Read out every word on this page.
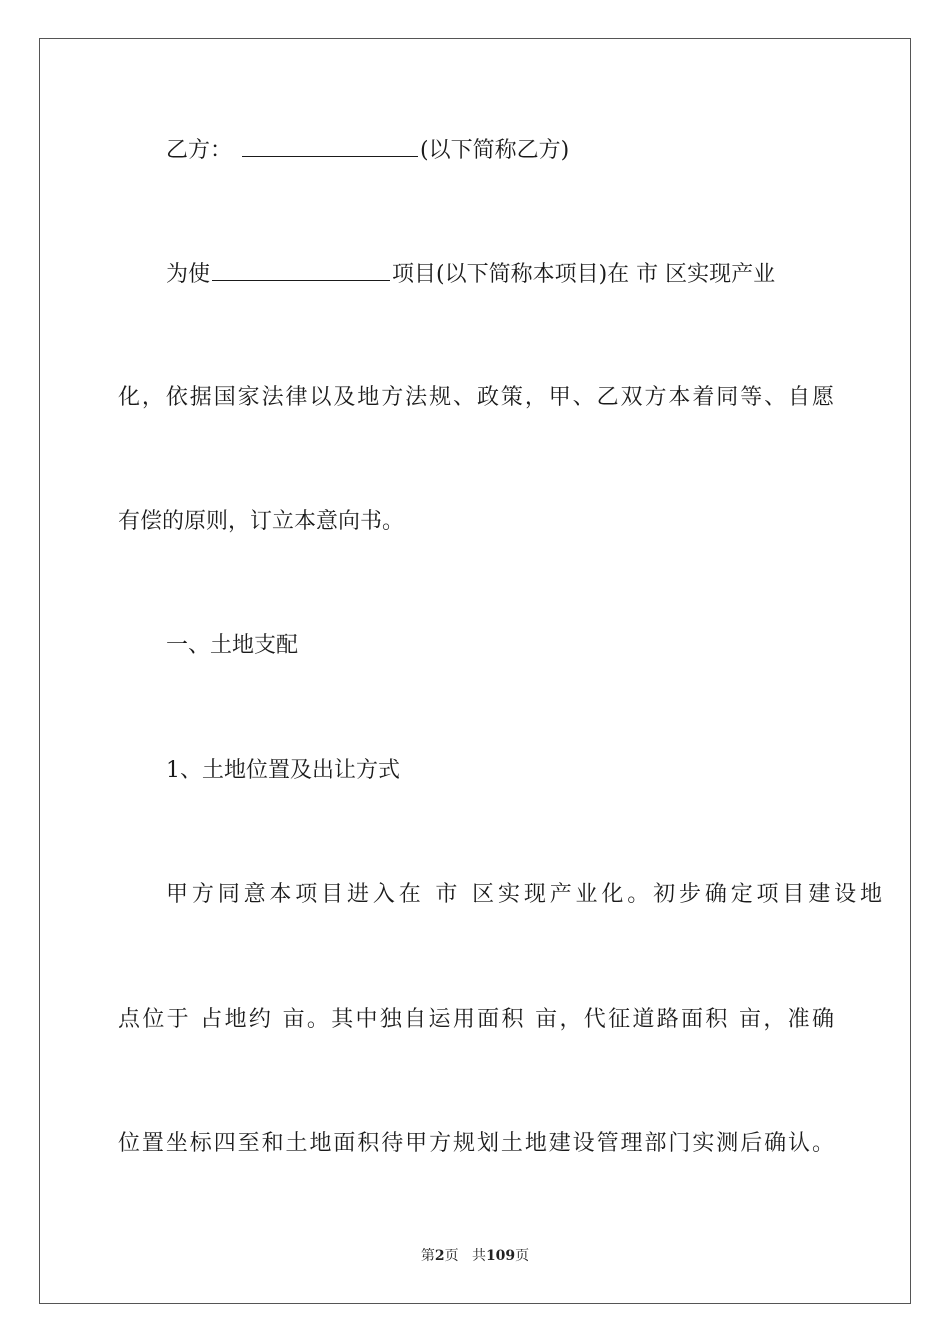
乙方：	(以下简称乙方)
为使	项目(以下简称本项目)在 市 区实现产业
化，依据国家法律以及地方法规、政策，甲、乙双方本着同等、自愿
有偿的原则，订立本意向书。
一、土地支配
1、土地位置及出让方式
甲方同意本项目进入在 市 区实现产业化。初步确定项目建设地
点位于 占地约 亩。其中独自运用面积 亩，代征道路面积 亩，准确
位置坐标四至和土地面积待甲方规划土地建设管理部门实测后确认。
第2页 共109页
